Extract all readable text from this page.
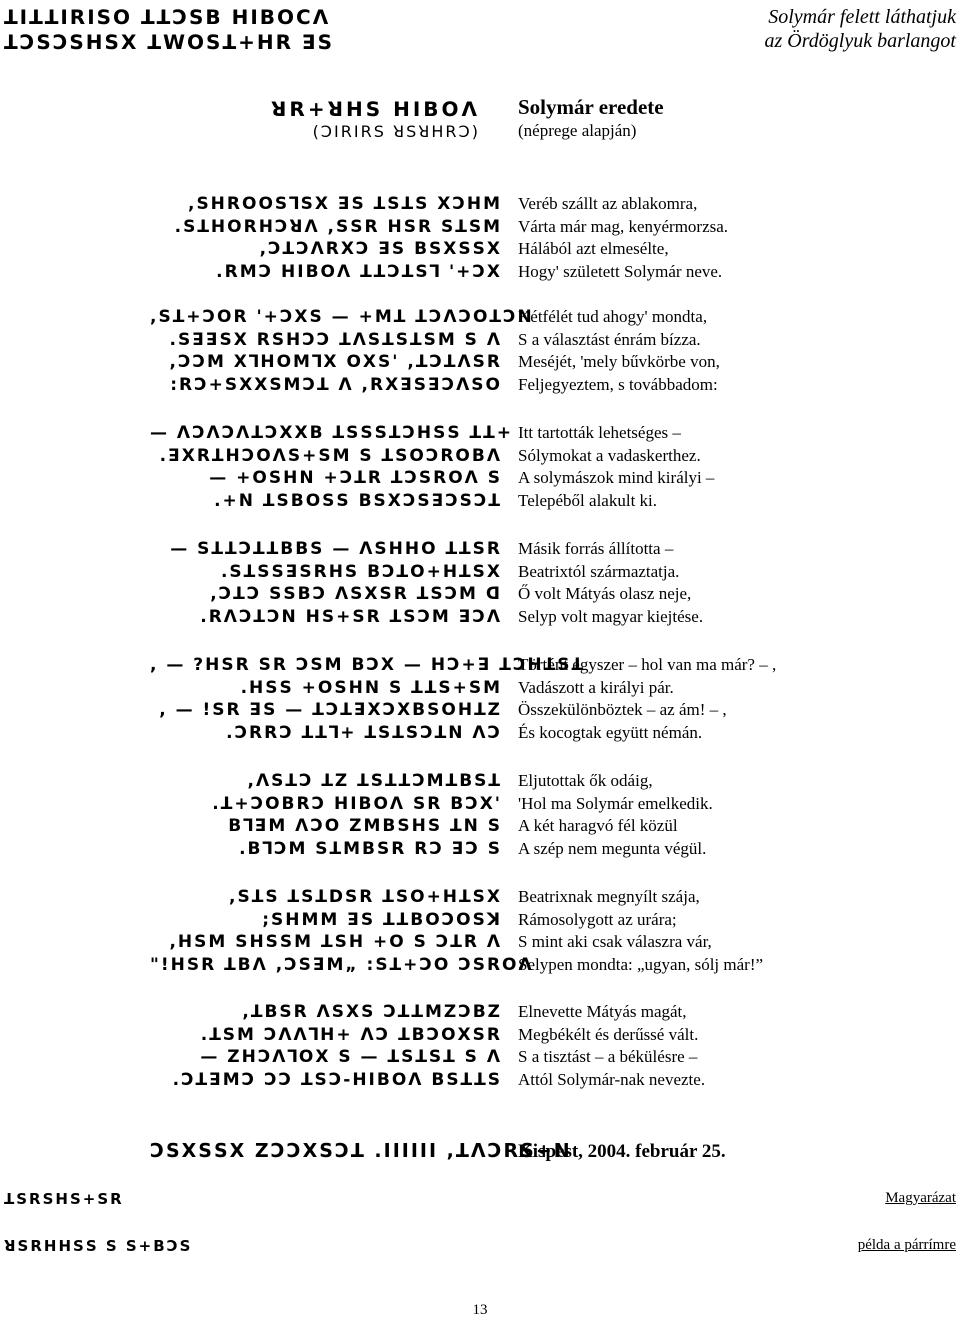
ꓕꓲꓕꓕꓲꓣꓲꓢꓳ ꓕꓕꓛꓢꓐ ꓧꓲꓐꓳꓚꓥ
ꓕꓛꓢꓛꓢꓧꓢꓫ ꓕꓪꓳꓢꓕ+ꓧꓣ ꓱꓢ
Solymár felett láthatjuk
az Ördöglyuk barlangot
ꓤꓣ+ꓤꓧꓢ ꓧꓲꓐꓳꓥ
(ꓛꓲꓣꓲꓣꓢ ꓤꓢꓤꓧꓣꓛ)
Solymár eredete
(néprege alapján)
,ꓢꓧꓣꓳꓳꓢꓶꓢꓫ ꓱꓢ ꓕꓢꓕꓢ ꓫꓛꓧꓟ
.ꓢꓕꓧꓳꓣꓧꓛꓤꓥ ,ꓢꓢꓣ ꓧꓢꓣ ꓢꓕꓢꓟ
,ꓛꓕꓛꓥꓣꓫꓛ ꓱꓢ ꓐꓢꓫꓢꓢꓫ
.ꓣꓟꓛ ꓧꓲꓐꓳꓥ ꓕꓕꓛꓕꓢꓶ '+ꓛꓫ
Veréb szállt az ablakomra,
Várta már mag, kenyérmorzsa.
Hálából azt elmesélte,
Hogy' született Solymár neve.
,ꓢꓕ+ꓛꓳꓣ '+ꓛꓫꓢ — +ꓟꓕ ꓕꓛꓥꓛꓳꓕꓛꓠ
.ꓢꓱꓱꓢꓫ ꓣꓢꓧꓛꓛ ꓕꓥꓢꓕꓢꓕꓢꓟ ꓢ ꓥ
,ꓛꓛꓟ ꓫꓶꓧꓳꓟꓶꓫ ꓳꓫꓢ' ,ꓕꓛꓕꓥꓢꓣ
:ꓣꓛ+ꓢꓫꓫꓢꓟꓛꓕ ꓥ ,ꓣꓫꓱꓢꓱꓛꓥꓢꓳ
Kétfélét tud ahogy' mondta,
S a választást énrám bízza.
Meséjét, 'mely bűvkörbe von,
Feljegyeztem, s továbbadom:
— ꓥꓛꓥꓛꓥꓕꓛꓫꓫꓐ ꓕꓢꓢꓢꓕꓛꓧꓢꓢ ꓕꓕ+
.ꓱꓫꓣꓕꓧꓛꓳꓥꓢ+ꓢꓟ ꓢ ꓕꓢꓳꓛꓣꓳꓐꓥ
— +ꓳꓢꓧꓠ +ꓛꓕꓣ ꓕꓛꓢꓣꓳꓥ ꓢ
.+ꓠ ꓕꓢꓐꓳꓢꓢ ꓐꓢꓫꓛꓢꓱꓛꓢꓛꓕ
Itt tartották lehetséges –
Sólymokat a vadaskerthez.
A solymászok mind királyi –
Telepéből alakult ki.
— ꓢꓕꓕꓛꓕꓕꓐꓐꓢ — ꓥꓢꓧꓧꓳ ꓕꓕꓢꓣ
.ꓢꓕꓢꓢꓱꓢꓣꓧꓢ ꓐꓛꓕꓳ+ꓧꓕꓢꓫ
,ꓛꓕꓛ ꓢꓢꓐꓛ ꓥꓢꓫꓢꓣ ꓕꓢꓛꓟ ꓷ
.ꓣꓥꓛꓕꓛꓠ ꓧꓢ+ꓢꓣ ꓕꓢꓛꓟ ꓱꓛꓥ
Másik forrás állította –
Beatrixtól származtatja.
Ő volt Mátyás olasz neje,
Selyp volt magyar kiejtése.
, — ?ꓧꓢꓣ ꓢꓣ ꓛꓢꓟ ꓐꓛꓫ — ꓧꓛ+ꓱ ꓕꓛꓧꓕꓢꓕ
.ꓧꓢꓢ +ꓳꓢꓧꓠ ꓢ ꓕꓕꓢ+ꓢꓟ
, — !ꓢꓣ ꓱꓢ — ꓕꓛꓕꓱꓫꓛꓫꓐꓢꓳꓧꓕꓜ
.ꓛꓣꓣꓛ ꓕꓕꓶ+ ꓕꓢꓕꓢꓛꓕꓠ ꓥꓛ
Történt egyszer – hol van ma már? – ,
Vadászott a királyi pár.
Összekülönböztek – az ám! – ,
És kocogtak együtt némán.
,ꓥꓢꓕꓛ ꓕꓜ ꓕꓢꓕꓕꓛꓟꓕꓐꓢꓕ
.ꓕ+ꓛꓳꓐꓣꓛ ꓧꓲꓐꓳꓥ ꓢꓣ ꓐꓛꓫ'
ꓐꓶꓱꓟ ꓥꓛꓳ ꓜꓟꓐꓢꓧꓢ ꓕꓠ ꓢ
.ꓐꓶꓛꓟ ꓢꓕꓟꓐꓢꓣ ꓣꓛ ꓱꓛ ꓢ
Eljutottak ők odáig,
'Hol ma Solymár emelkedik.
A két haragvó fél közül
A szép nem megunta végül.
,ꓢꓕꓢ ꓕꓢꓕꓓꓢꓣ ꓕꓢꓳ+ꓧꓕꓢꓫ
;ꓢꓧꓟꓟ ꓱꓢ ꓕꓕꓐꓳꓛꓳꓢꓘ
,ꓧꓢꓟ ꓢꓧꓢꓢꓟ ꓕꓢꓧ +ꓳ ꓢ ꓛꓕꓣ ꓥ
"!ꓧꓢꓣ ꓕꓐꓥ ,ꓛꓢꓱꓟ„ :ꓢꓕ+ꓛꓳ ꓛꓢꓣꓳꓥ
Beatrixnak megnyílt szája,
Rámosolygott az urára;
S mint aki csak válaszra vár,
Selypen mondta: „ugyan, sólj már!”
,ꓕꓐꓢꓣ ꓥꓢꓫꓢ ꓛꓕꓕꓟꓜꓛꓐꓜ
.ꓕꓢꓟ ꓛꓥꓥꓶꓧ+ ꓥꓛ ꓕꓐꓛꓳꓫꓢꓣ
— ꓜꓧꓛꓥꓶꓳꓫ ꓢ — ꓕꓢꓕꓢꓕ ꓢ ꓥ
.ꓛꓕꓱꓟꓛ ꓛꓛ ꓕꓢꓛ-ꓧꓲꓐꓳꓥ ꓐꓢꓕꓕꓢ
Elnevette Mátyás magát,
Megbékélt és derűssé vált.
S a tisztást – a békülésre –
Attól Solymár-nak nevezte.
ꓛꓢꓫꓢꓢꓫ ꓜꓛꓛꓫꓢꓛꓕ .ꓲꓲꓲꓲꓲꓲ ,ꓕꓥꓛꓣꓢ+ꓠ
Kispest, 2004. február 25.
ꓕꓢꓣꓢꓧꓢ+ꓢꓣ	Magyarázat
ꓤꓢꓣꓧꓧꓢꓢ ꓢ ꓢ+ꓐꓛꓢ	példa a párrímre
13
